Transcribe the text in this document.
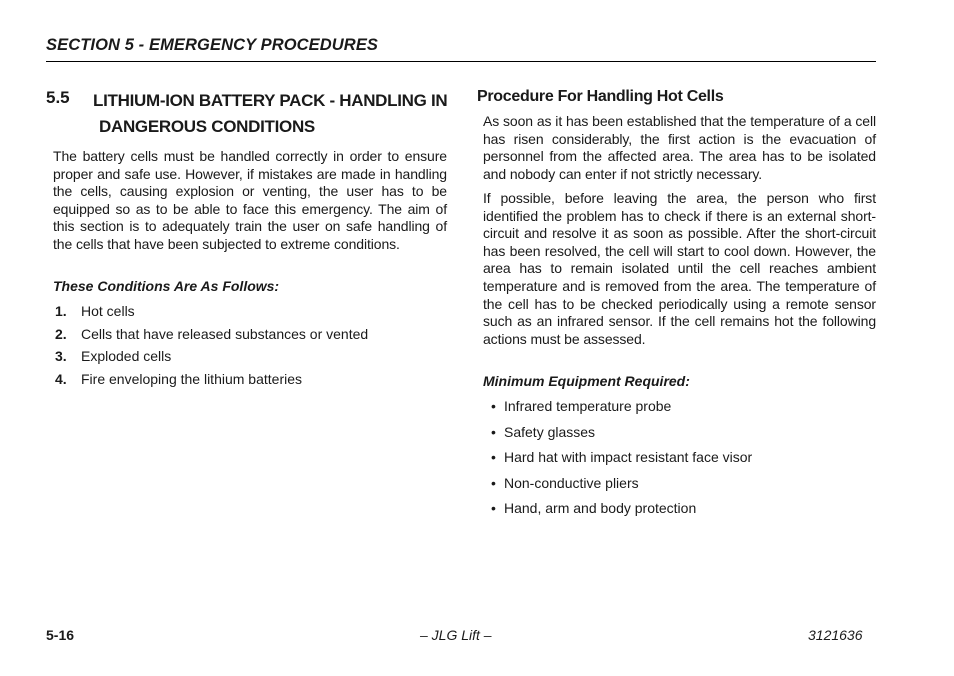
SECTION 5 - EMERGENCY PROCEDURES
5.5 LITHIUM-ION BATTERY PACK - HANDLING IN
DANGEROUS CONDITIONS
The battery cells must be handled correctly in order to ensure proper and safe use. However, if mistakes are made in handling the cells, causing explosion or venting, the user has to be equipped so as to be able to face this emergency. The aim of this section is to adequately train the user on safe handling of the cells that have been subjected to extreme conditions.
These Conditions Are As Follows:
1.	Hot cells
2.	Cells that have released substances or vented
3.	Exploded cells
4.	Fire enveloping the lithium batteries
Procedure For Handling Hot Cells
As soon as it has been established that the temperature of a cell has risen considerably, the first action is the evacuation of personnel from the affected area. The area has to be isolated and nobody can enter if not strictly necessary.
If possible, before leaving the area, the person who first identified the problem has to check if there is an external short-circuit and resolve it as soon as possible. After the short-circuit has been resolved, the cell will start to cool down. However, the area has to remain isolated until the cell reaches ambient temperature and is removed from the area. The temperature of the cell has to be checked periodically using a remote sensor such as an infrared sensor. If the cell remains hot the following actions must be assessed.
Minimum Equipment Required:
• Infrared temperature probe
• Safety glasses
• Hard hat with impact resistant face visor
• Non-conductive pliers
• Hand, arm and body protection
5-16	– JLG Lift –	3121636
